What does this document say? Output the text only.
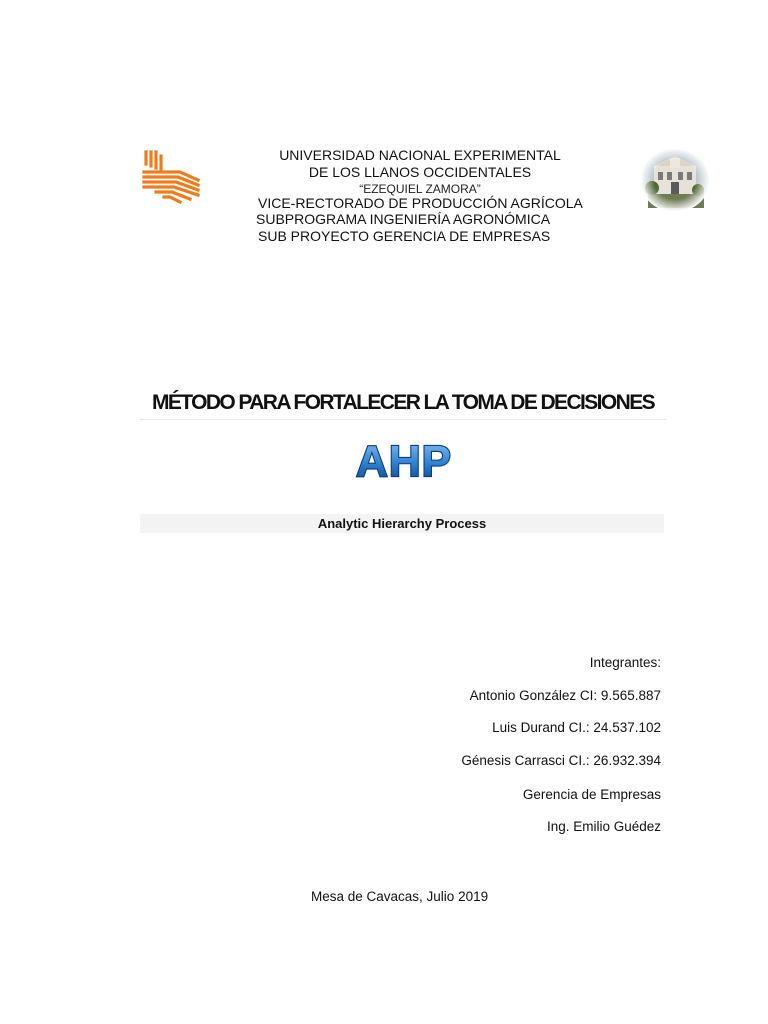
UNIVERSIDAD NACIONAL EXPERIMENTAL
DE LOS LLANOS OCCIDENTALES
“EZEQUIEL ZAMORA”
VICE-RECTORADO DE PRODUCCIÓN AGRÍCOLA
SUBPROGRAMA INGENIERÍA AGRONÓMICA
SUB PROYECTO GERENCIA DE EMPRESAS
MÉTODO PARA FORTALECER LA TOMA DE DECISIONES
AHP
Analytic Hierarchy Process
Integrantes:
Antonio González CI: 9.565.887
Luis Durand CI.: 24.537.102
Génesis Carrasci CI.: 26.932.394
Gerencia de Empresas
Ing. Emilio Guédez
Mesa de Cavacas, Julio 2019
